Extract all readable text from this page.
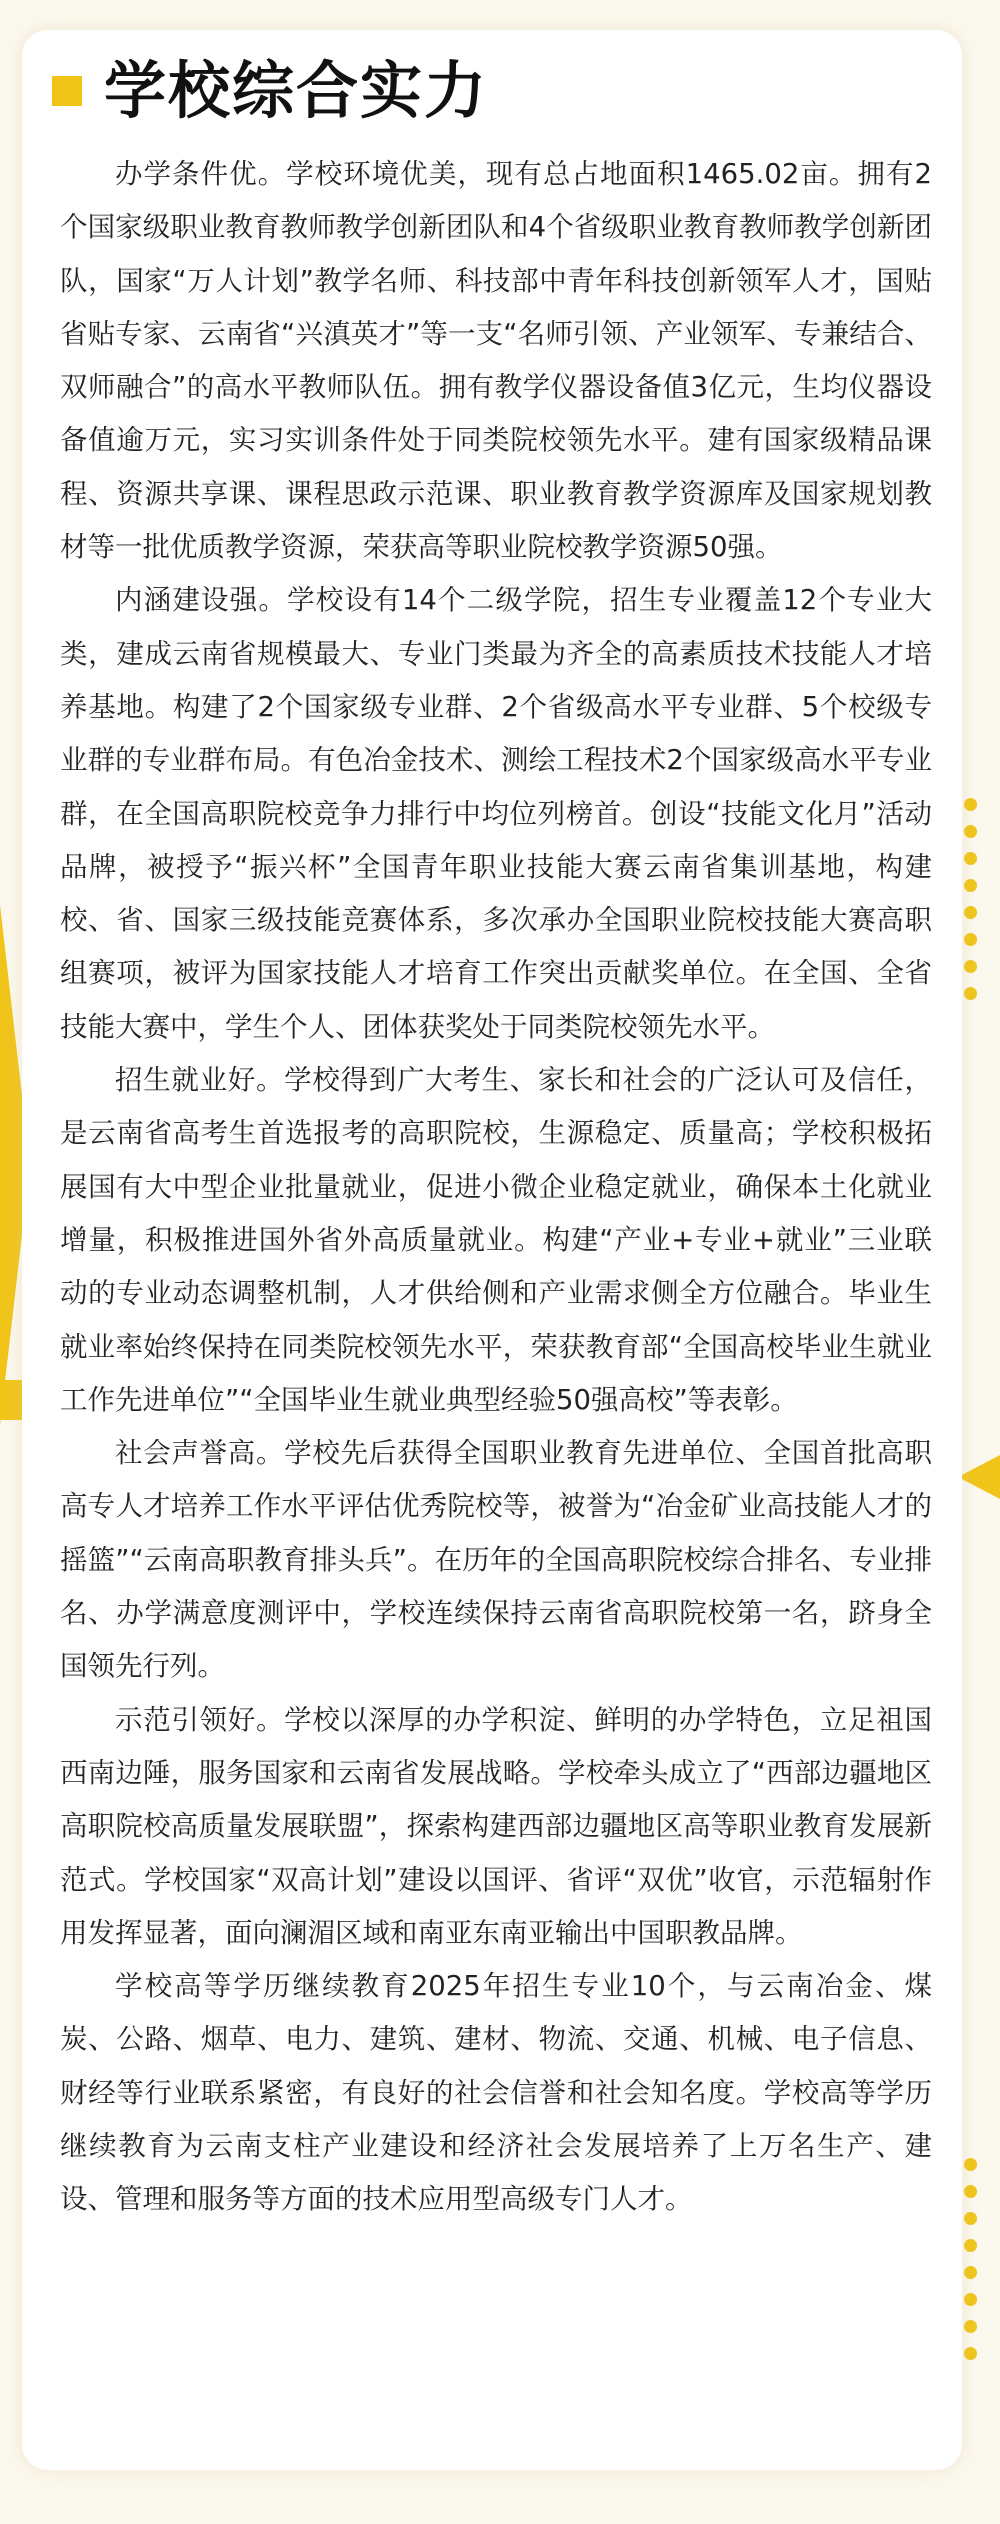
学校综合实力

办学条件优。学校环境优美，现有总占地面积1465.02亩。拥有2个国家级职业教育教师教学创新团队和4个省级职业教育教师教学创新团队，国家“万人计划”教学名师、科技部中青年科技创新领军人才，国贴省贴专家、云南省“兴滇英才”等一支“名师引领、产业领军、专兼结合、双师融合”的高水平教师队伍。拥有教学仪器设备值3亿元，生均仪器设备值逾万元，实习实训条件处于同类院校领先水平。建有国家级精品课程、资源共享课、课程思政示范课、职业教育教学资源库及国家规划教材等一批优质教学资源，荣获高等职业院校教学资源50强。

内涵建设强。学校设有14个二级学院，招生专业覆盖12个专业大类，建成云南省规模最大、专业门类最为齐全的高素质技术技能人才培养基地。构建了2个国家级专业群、2个省级高水平专业群、5个校级专业群的专业群布局。有色冶金技术、测绘工程技术2个国家级高水平专业群，在全国高职院校竞争力排行中均位列榜首。创设“技能文化月”活动品牌，被授予“振兴杯”全国青年职业技能大赛云南省集训基地，构建校、省、国家三级技能竞赛体系，多次承办全国职业院校技能大赛高职组赛项，被评为国家技能人才培育工作突出贡献奖单位。在全国、全省技能大赛中，学生个人、团体获奖处于同类院校领先水平。

招生就业好。学校得到广大考生、家长和社会的广泛认可及信任，是云南省高考生首选报考的高职院校，生源稳定、质量高；学校积极拓展国有大中型企业批量就业，促进小微企业稳定就业，确保本土化就业增量，积极推进国外省外高质量就业。构建“产业+专业+就业”三业联动的专业动态调整机制，人才供给侧和产业需求侧全方位融合。毕业生就业率始终保持在同类院校领先水平，荣获教育部“全国高校毕业生就业工作先进单位”“全国毕业生就业典型经验50强高校”等表彰。

社会声誉高。学校先后获得全国职业教育先进单位、全国首批高职高专人才培养工作水平评估优秀院校等，被誉为“冶金矿业高技能人才的摇篮”“云南高职教育排头兵”。在历年的全国高职院校综合排名、专业排名、办学满意度测评中，学校连续保持云南省高职院校第一名，跻身全国领先行列。

示范引领好。学校以深厚的办学积淀、鲜明的办学特色，立足祖国西南边陲，服务国家和云南省发展战略。学校牵头成立了“西部边疆地区高职院校高质量发展联盟”，探索构建西部边疆地区高等职业教育发展新范式。学校国家“双高计划”建设以国评、省评“双优”收官，示范辐射作用发挥显著，面向澜湄区域和南亚东南亚输出中国职教品牌。

学校高等学历继续教育2025年招生专业10个，与云南冶金、煤炭、公路、烟草、电力、建筑、建材、物流、交通、机械、电子信息、财经等行业联系紧密，有良好的社会信誉和社会知名度。学校高等学历继续教育为云南支柱产业建设和经济社会发展培养了上万名生产、建设、管理和服务等方面的技术应用型高级专门人才。
